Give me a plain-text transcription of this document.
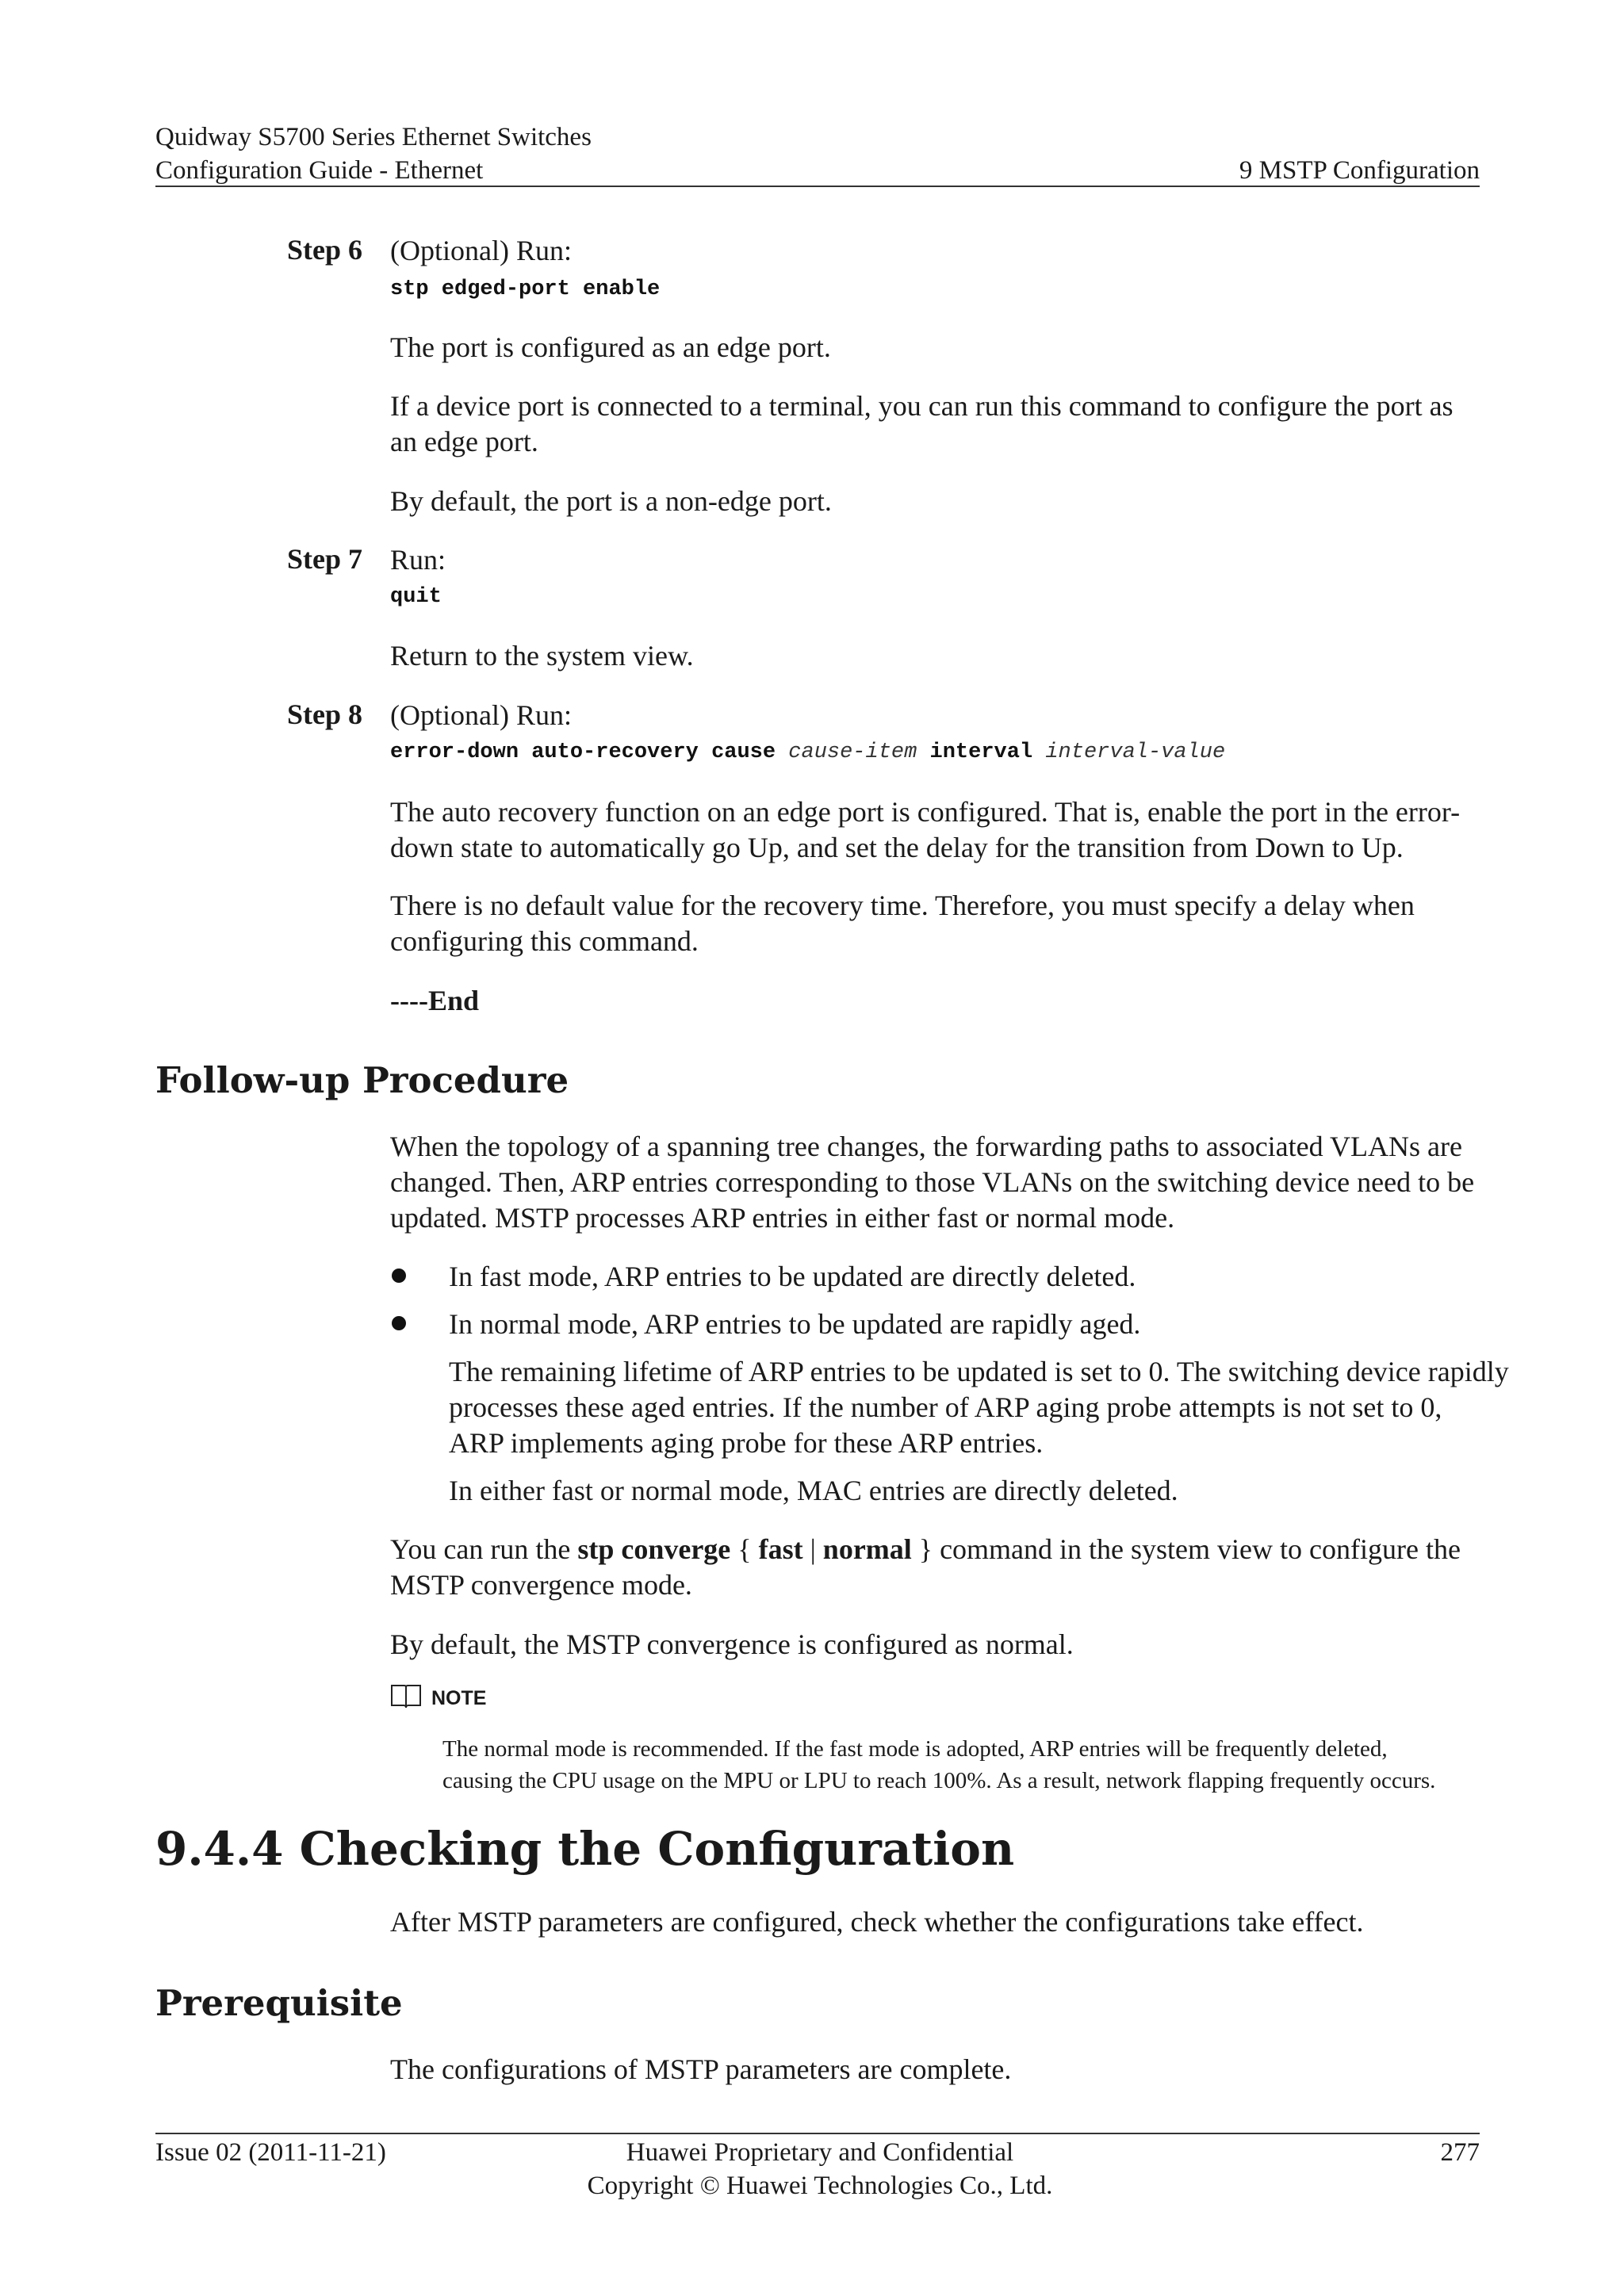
Quidway S5700 Series Ethernet Switches
Configuration Guide - Ethernet	9 MSTP Configuration
Step 6 (Optional) Run:
stp edged-port enable
The port is configured as an edge port.
If a device port is connected to a terminal, you can run this command to configure the port as
an edge port.
By default, the port is a non-edge port.
Step 7 Run:
quit
Return to the system view.
Step 8 (Optional) Run:
error-down auto-recovery cause cause-item interval interval-value
The auto recovery function on an edge port is configured. That is, enable the port in the error-
down state to automatically go Up, and set the delay for the transition from Down to Up.
There is no default value for the recovery time. Therefore, you must specify a delay when
configuring this command.
----End
Follow-up Procedure
When the topology of a spanning tree changes, the forwarding paths to associated VLANs are
changed. Then, ARP entries corresponding to those VLANs on the switching device need to be
updated. MSTP processes ARP entries in either fast or normal mode.
In fast mode, ARP entries to be updated are directly deleted.
In normal mode, ARP entries to be updated are rapidly aged.
The remaining lifetime of ARP entries to be updated is set to 0. The switching device rapidly
processes these aged entries. If the number of ARP aging probe attempts is not set to 0,
ARP implements aging probe for these ARP entries.
In either fast or normal mode, MAC entries are directly deleted.
You can run the stp converge { fast | normal } command in the system view to configure the
MSTP convergence mode.
By default, the MSTP convergence is configured as normal.
NOTE
The normal mode is recommended. If the fast mode is adopted, ARP entries will be frequently deleted,
causing the CPU usage on the MPU or LPU to reach 100%. As a result, network flapping frequently occurs.
9.4.4 Checking the Configuration
After MSTP parameters are configured, check whether the configurations take effect.
Prerequisite
The configurations of MSTP parameters are complete.
Issue 02 (2011-11-21)	Huawei Proprietary and Confidential
Copyright © Huawei Technologies Co., Ltd.
277
